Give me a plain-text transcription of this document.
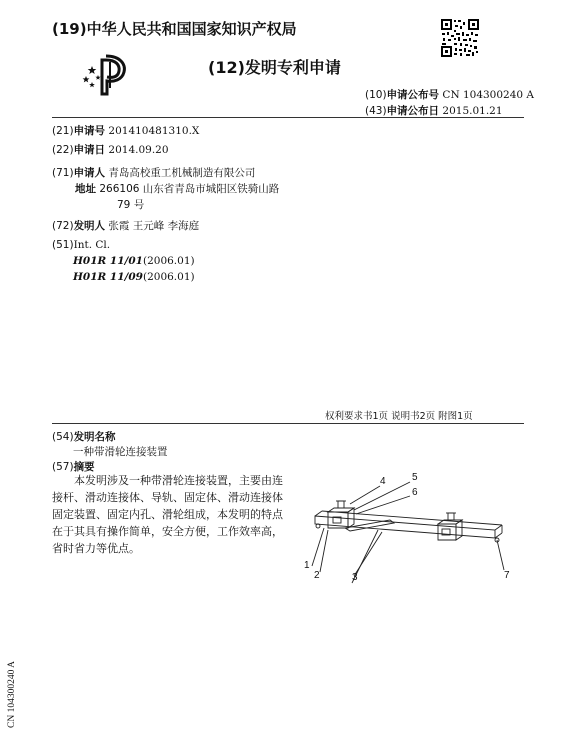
(19)中华人民共和国国家知识产权局
(12)发明专利申请
(10)申请公布号 CN 104300240 A
(43)申请公布日 2015.01.21
(21)申请号 201410481310.X
(22)申请日 2014.09.20
(71)申请人 青岛高校重工机械制造有限公司
地址 266106 山东省青岛市城阳区铁骑山路
79 号
(72)发明人 张霞 王元峰 李海庭
(51)Int. Cl.
H01R 11/01(2006.01)
H01R 11/09(2006.01)
权利要求书1页 说明书2页 附图1页
(54)发明名称
一种带滑轮连接装置
(57)摘要
本发明涉及一种带滑轮连接装置，主要由连接杆、滑动连接体、导轨、固定体、滑动连接体固定装置、固定内孔、滑轮组成，本发明的特点在于其具有操作简单，安全方便，工作效率高，省时省力等优点。
1
2	3
4	5
6
7
CN 104300240 A
